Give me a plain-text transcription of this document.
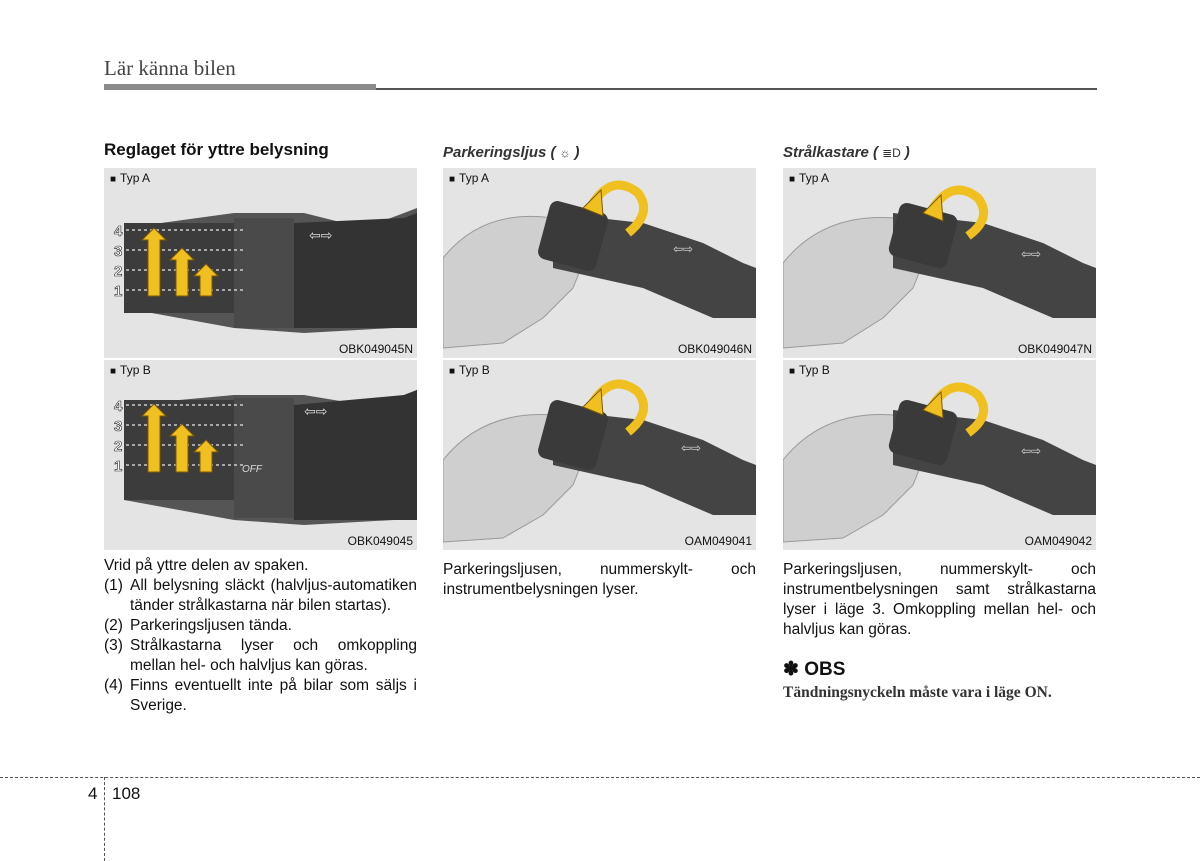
Lär känna bilen
Reglaget för yttre belysning
■ Typ A
4
3
2
1
⇦⇨
OBK049045N
■ Typ B
4
3
2
1	OFF
⇦⇨
OBK049045
Vrid på yttre delen av spaken.
(1) All belysning släckt (halvljus-automatiken tänder strålkastarna när bilen startas).
(2) Parkeringsljusen tända.
(3) Strålkastarna lyser och omkoppling mellan hel- och halvljus kan göras.
(4) Finns eventuellt inte på bilar som säljs i Sverige.
Parkeringsljus ( ☼ )
■ Typ A
⇦⇨
OBK049046N
■ Typ B
⇦⇨
OAM049041
Parkeringsljusen, nummerskylt- och instrumentbelysningen lyser.
Strålkastare ( ≣D )
■ Typ A
⇦⇨
OBK049047N
■ Typ B
⇦⇨
OAM049042
Parkeringsljusen, nummerskylt- och instrumentbelysningen samt strålkastarna lyser i läge 3. Omkoppling mellan hel- och halvljus kan göras.
✽ OBS
Tändningsnyckeln måste vara i läge ON.
4 108
